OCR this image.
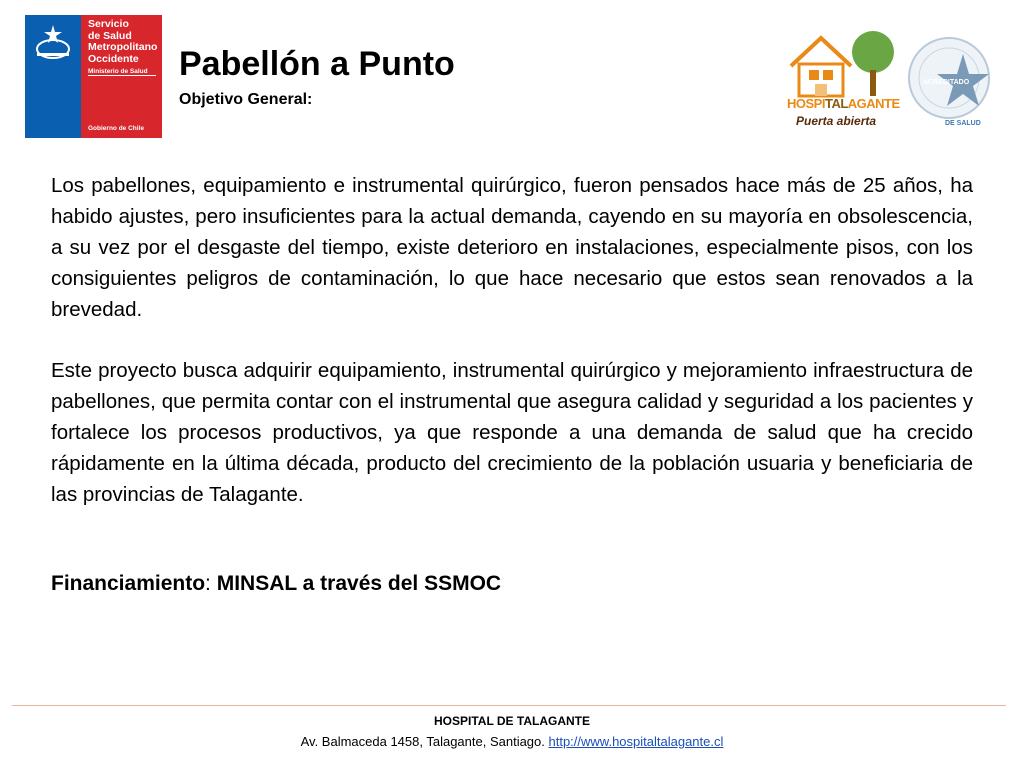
Servicio
de Salud
Metropolitano
Occidente
Ministerio de Salud
Gobierno de Chile
Pabellón a Punto
Objetivo General:	HOSPITALAGANTE
Puerta abierta
ACREDITADO
DE SALUD

Los pabellones, equipamiento e instrumental quirúrgico, fueron pensados hace más de 25 años, ha habido ajustes, pero insuficientes para la actual demanda, cayendo en su mayoría en obsolescencia, a su vez por el desgaste del tiempo, existe deterioro en instalaciones, especialmente pisos, con los consiguientes peligros de contaminación, lo que hace necesario que estos sean renovados a la brevedad.

Este proyecto busca adquirir equipamiento, instrumental quirúrgico y mejoramiento infraestructura de pabellones, que permita contar con el instrumental que asegura calidad y seguridad a los pacientes y fortalece los procesos productivos, ya que responde a una demanda de salud que ha crecido rápidamente en la última década, producto del crecimiento de la población usuaria y beneficiaria de las provincias de Talagante.

Financiamiento: MINSAL a través del SSMOC
HOSPITAL DE TALAGANTE
Av. Balmaceda 1458, Talagante, Santiago. http://www.hospitaltalagante.cl
